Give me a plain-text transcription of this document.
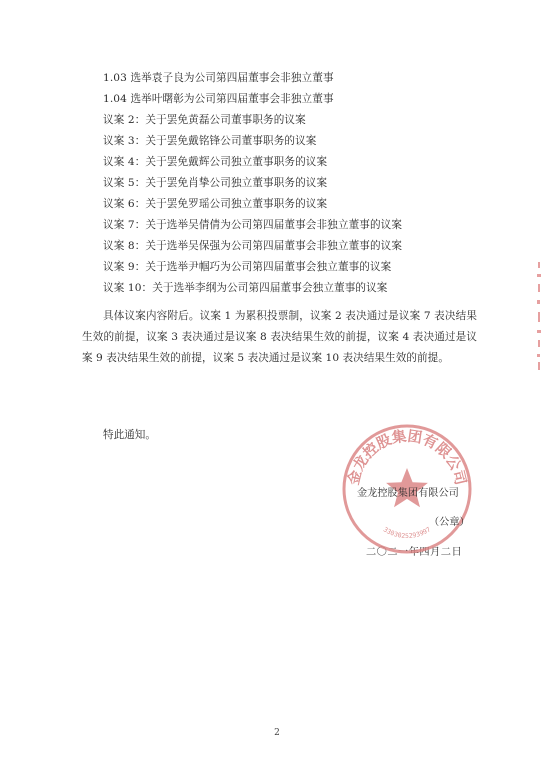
1.03 选举袁子良为公司第四届董事会非独立董事
1.04 选举叶曙彰为公司第四届董事会非独立董事
议案 2：关于罢免黄磊公司董事职务的议案
议案 3：关于罢免戴铭锋公司董事职务的议案
议案 4：关于罢免戴辉公司独立董事职务的议案
议案 5：关于罢免肖挚公司独立董事职务的议案
议案 6：关于罢免罗瑶公司独立董事职务的议案
议案 7：关于选举吴倩倩为公司第四届董事会非独立董事的议案
议案 8：关于选举吴保强为公司第四届董事会非独立董事的议案
议案 9：关于选举尹帼巧为公司第四届董事会独立董事的议案
议案 10：关于选举李纲为公司第四届董事会独立董事的议案
具体议案内容附后。议案 1 为累积投票制，议案 2 表决通过是议案 7 表决结果生效的前提，议案 3 表决通过是议案 8 表决结果生效的前提，议案 4 表决通过是议案 9 表决结果生效的前提，议案 5 表决通过是议案 10 表决结果生效的前提。
特此通知。
金龙控股集团有限公司
3303025293997
金龙控股集团有限公司
（公章）
二〇二一年四月二日
2
